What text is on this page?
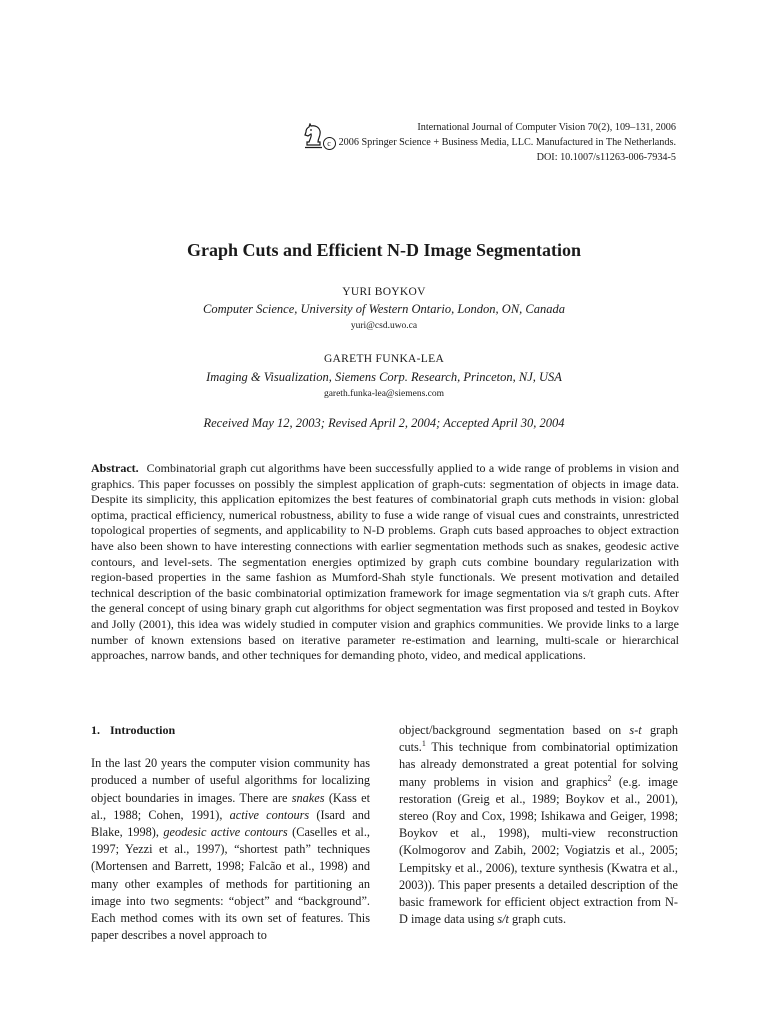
International Journal of Computer Vision 70(2), 109–131, 2006
c 2006 Springer Science + Business Media, LLC. Manufactured in The Netherlands.
DOI: 10.1007/s11263-006-7934-5
Graph Cuts and Efficient N-D Image Segmentation
YURI BOYKOV
Computer Science, University of Western Ontario, London, ON, Canada
yuri@csd.uwo.ca
GARETH FUNKA-LEA
Imaging & Visualization, Siemens Corp. Research, Princeton, NJ, USA
gareth.funka-lea@siemens.com
Received May 12, 2003; Revised April 2, 2004; Accepted April 30, 2004
Abstract. Combinatorial graph cut algorithms have been successfully applied to a wide range of problems in vision and graphics. This paper focusses on possibly the simplest application of graph-cuts: segmentation of objects in image data. Despite its simplicity, this application epitomizes the best features of combinatorial graph cuts methods in vision: global optima, practical efficiency, numerical robustness, ability to fuse a wide range of visual cues and constraints, unrestricted topological properties of segments, and applicability to N-D problems. Graph cuts based approaches to object extraction have also been shown to have interesting connections with earlier segmentation methods such as snakes, geodesic active contours, and level-sets. The segmentation energies optimized by graph cuts combine boundary regularization with region-based properties in the same fashion as Mumford-Shah style functionals. We present motivation and detailed technical description of the basic combinatorial optimization framework for image segmentation via s/t graph cuts. After the general concept of using binary graph cut algorithms for object segmentation was first proposed and tested in Boykov and Jolly (2001), this idea was widely studied in computer vision and graphics communities. We provide links to a large number of known extensions based on iterative parameter re-estimation and learning, multi-scale or hierarchical approaches, narrow bands, and other techniques for demanding photo, video, and medical applications.
1. Introduction

In the last 20 years the computer vision community has produced a number of useful algorithms for localizing object boundaries in images. There are snakes (Kass et al., 1988; Cohen, 1991), active contours (Isard and Blake, 1998), geodesic active contours (Caselles et al., 1997; Yezzi et al., 1997), “shortest path” techniques (Mortensen and Barrett, 1998; Falcão et al., 1998) and many other examples of methods for partitioning an image into two segments: “object” and “background”. Each method comes with its own set of features. This paper describes a novel approach to

object/background segmentation based on s-t graph cuts.$^1$ This technique from combinatorial optimization has already demonstrated a great potential for solving many problems in vision and graphics$^2$ (e.g. image restoration (Greig et al., 1989; Boykov et al., 2001), stereo (Roy and Cox, 1998; Ishikawa and Geiger, 1998; Boykov et al., 1998), multi-view reconstruction (Kolmogorov and Zabih, 2002; Vogiatzis et al., 2005; Lempitsky et al., 2006), texture synthesis (Kwatra et al., 2003)). This paper presents a detailed description of the basic framework for efficient object extraction from N-D image data using s/t graph cuts.
